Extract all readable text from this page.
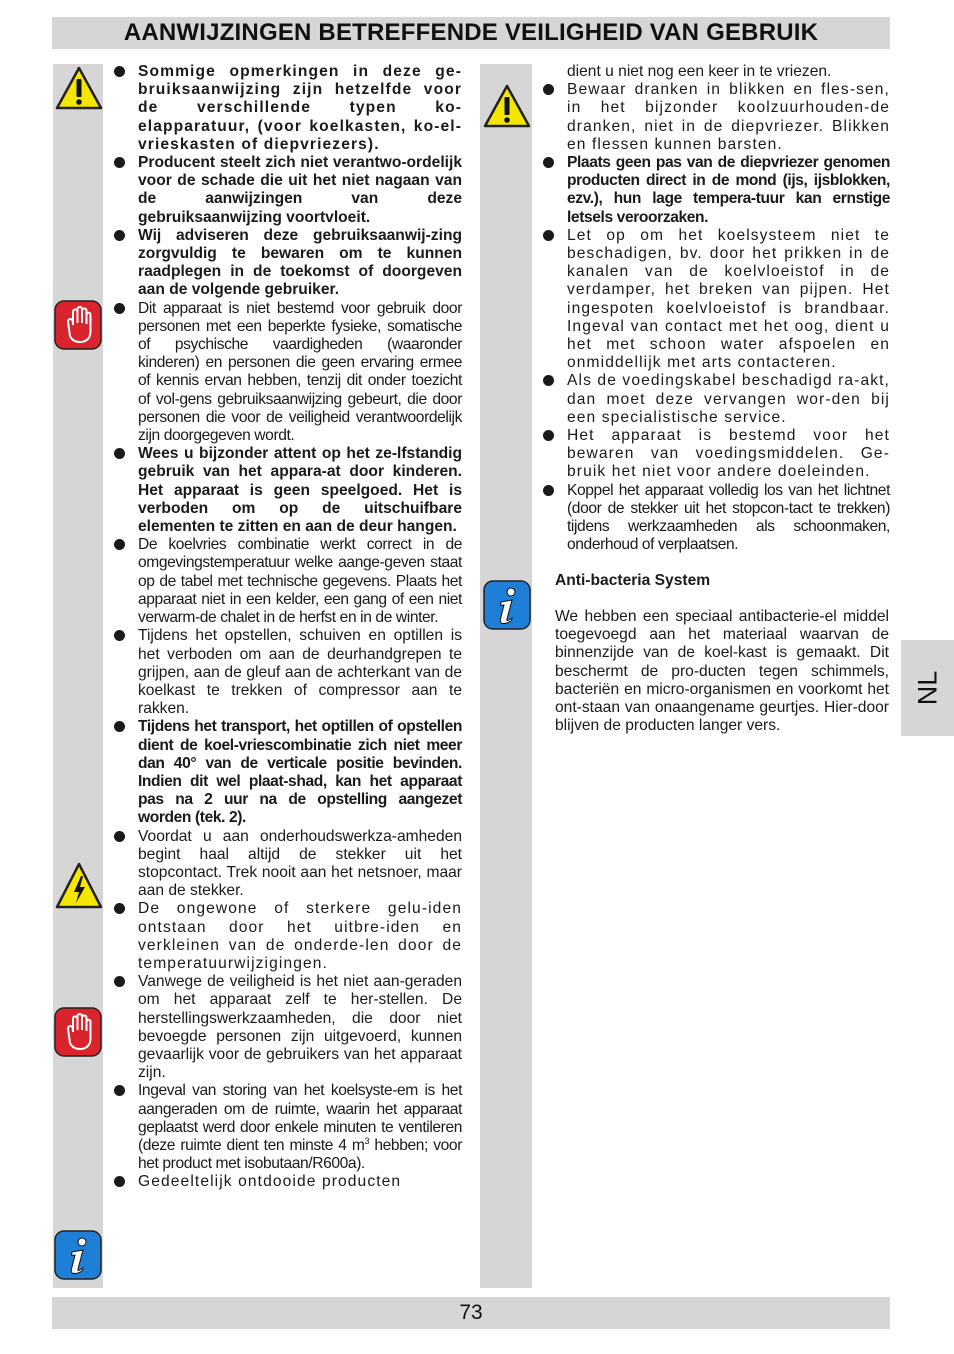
AANWIJZINGEN BETREFFENDE VEILIGHEID VAN GEBRUIK
Sommige opmerkingen in deze ge-bruiksaanwijzing zijn hetzelfde voor de verschillende typen ko-elapparatuur, (voor koelkasten, ko-el-vrieskasten of diepvriezers).
Producent steelt zich niet verantwo-ordelijk voor de schade die uit het niet nagaan van de aanwijzingen van deze gebruiksaanwijzing voortvloeit.
Wij adviseren deze gebruiksaanwij-zing zorgvuldig te bewaren om te kunnen raadplegen in de toekomst of doorgeven aan de volgende gebruiker.
Dit apparaat is niet bestemd voor gebruik door personen met een beperkte fysieke, somatische of psychische vaardigheden (waaronder kinderen) en personen die geen ervaring ermee of kennis ervan hebben, tenzij dit onder toezicht of vol-gens gebruiksaanwijzing gebeurt, die door personen die voor de veiligheid verantwoordelijk zijn doorgegeven wordt.
Wees u bijzonder attent op het ze-lfstandig gebruik van het appara-at door kinderen. Het apparaat is geen speelgoed. Het is verboden om op de uitschuifbare elementen te zitten en aan de deur hangen.
De koelvries combinatie werkt correct in de omgevingstemperatuur welke aange-geven staat op de tabel met technische gegevens. Plaats het apparaat niet in een kelder, een gang of een niet verwarm-de chalet in de herfst en in de winter.
Tijdens het opstellen, schuiven en optillen is het verboden om aan de deurhandgrepen te grijpen, aan de gleuf aan de achterkant van de koelkast te trekken of compressor aan te rakken.
Tijdens het transport, het optillen of opstellen dient de koel-vriescombinatie zich niet meer dan 40° van de verticale positie bevinden. Indien dit wel plaat-shad, kan het apparaat pas na 2 uur na de opstelling aangezet worden (tek. 2).
Voordat u aan onderhoudswerkza-amheden begint haal altijd de stekker uit het stopcontact. Trek nooit aan het netsnoer, maar aan de stekker.
De ongewone of sterkere gelu-iden ontstaan door het uitbre-iden en verkleinen van de onderde-len door de temperatuurwijzigingen.
Vanwege de veiligheid is het niet aan-geraden om het apparaat zelf te her-stellen. De herstellingswerkzaamheden, die door niet bevoegde personen zijn uitgevoerd, kunnen gevaarlijk voor de gebruikers van het apparaat zijn.
Ingeval van storing van het koelsyste-em is het aangeraden om de ruimte, waarin het apparaat geplaatst werd door enkele minuten te ventileren (deze ruimte dient ten minste 4 $m^3$ hebben; voor het product met isobutaan/R600a).
Gedeeltelijk ontdooide producten
dient u niet nog een keer in te vriezen.
Bewaar dranken in blikken en fles-sen, in het bijzonder koolzuurhouden-de dranken, niet in de diepvriezer. Blikken en flessen kunnen barsten.
Plaats geen pas van de diepvriezer genomen producten direct in de mond (ijs, ijsblokken, ezv.), hun lage tempera-tuur kan ernstige letsels veroorzaken.
Let op om het koelsysteem niet te beschadigen, bv. door het prikken in de kanalen van de koelvloeistof in de verdamper, het breken van pijpen. Het ingespoten koelvloeistof is brandbaar. Ingeval van contact met het oog, dient u het met schoon water afspoelen en onmiddellijk met arts contacteren.
Als de voedingskabel beschadigd ra-akt, dan moet deze vervangen wor-den bij een specialistische service.
Het apparaat is bestemd voor het bewaren van voedingsmiddelen. Ge-bruik het niet voor andere doeleinden.
Koppel het apparaat volledig los van het lichtnet (door de stekker uit het stopcon-tact te trekken) tijdens werkzaamheden als schoonmaken, onderhoud of verplaatsen.
Anti-bacteria System
We hebben een speciaal antibacterie-el middel toegevoegd aan het materiaal waarvan de binnenzijde van de koel-kast is gemaakt. Dit beschermt de pro-ducten tegen schimmels, bacteriën en micro-organismen en voorkomt het ont-staan van onaangename geurtjes. Hier-door blijven de producten langer vers.
NL
73
